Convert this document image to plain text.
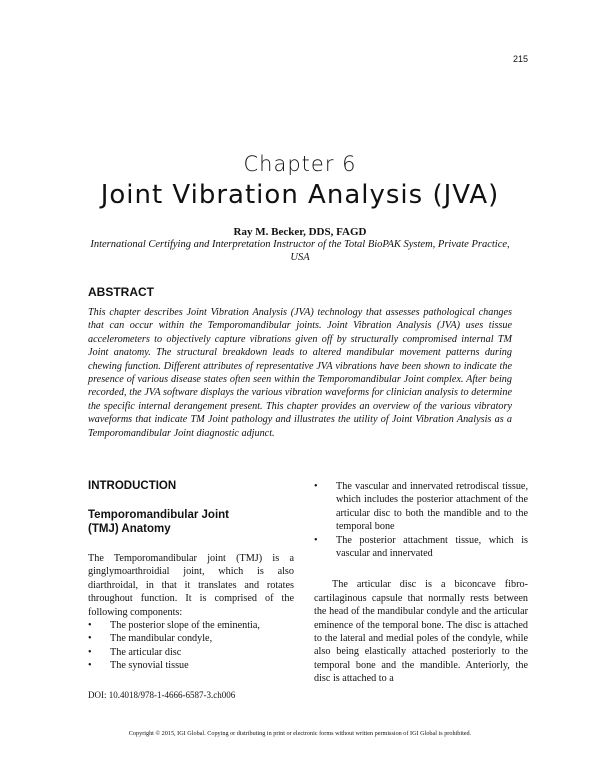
215
Chapter 6
Joint Vibration Analysis (JVA)
Ray M. Becker, DDS, FAGD
International Certifying and Interpretation Instructor of the Total BioPAK System, Private Practice, USA
ABSTRACT

This chapter describes Joint Vibration Analysis (JVA) technology that assesses pathological changes that can occur within the Temporomandibular joints. Joint Vibration Analysis (JVA) uses tissue accelerometers to objectively capture vibrations given off by structurally compromised internal TM Joint anatomy. The structural breakdown leads to altered mandibular movement patterns during chewing function. Different attributes of representative JVA vibrations have been shown to indicate the presence of various disease states often seen within the Temporomandibular Joint complex. After being recorded, the JVA software displays the various vibration waveforms for clinician analysis to determine the specific internal derangement present. This chapter provides an overview of the various vibratory waveforms that indicate TM Joint pathology and illustrates the utility of Joint Vibration Analysis as a Temporomandibular Joint diagnostic adjunct.

INTRODUCTION
Temporomandibular Joint
(TMJ) Anatomy

The Temporomandibular joint (TMJ) is a ginglymoarthroidial joint, which is also diarthroidal, in that it translates and rotates throughout function. It is comprised of the following components:

• The posterior slope of the eminentia,
• The mandibular condyle,
• The articular disc
• The synovial tissue
• The vascular and innervated retrodiscal tissue, which includes the posterior attachment of the articular disc to both the mandible and to the temporal bone
• The posterior attachment tissue, which is vascular and innervated

The articular disc is a biconcave fibro-cartilaginous capsule that normally rests between the head of the mandibular condyle and the articular eminence of the temporal bone. The disc is attached to the lateral and medial poles of the condyle, while also being elastically attached posteriorly to the temporal bone and the mandible. Anteriorly, the disc is attached to a

DOI: 10.4018/978-1-4666-6587-3.ch006
Copyright © 2015, IGI Global. Copying or distributing in print or electronic forms without written permission of IGI Global is prohibited.
